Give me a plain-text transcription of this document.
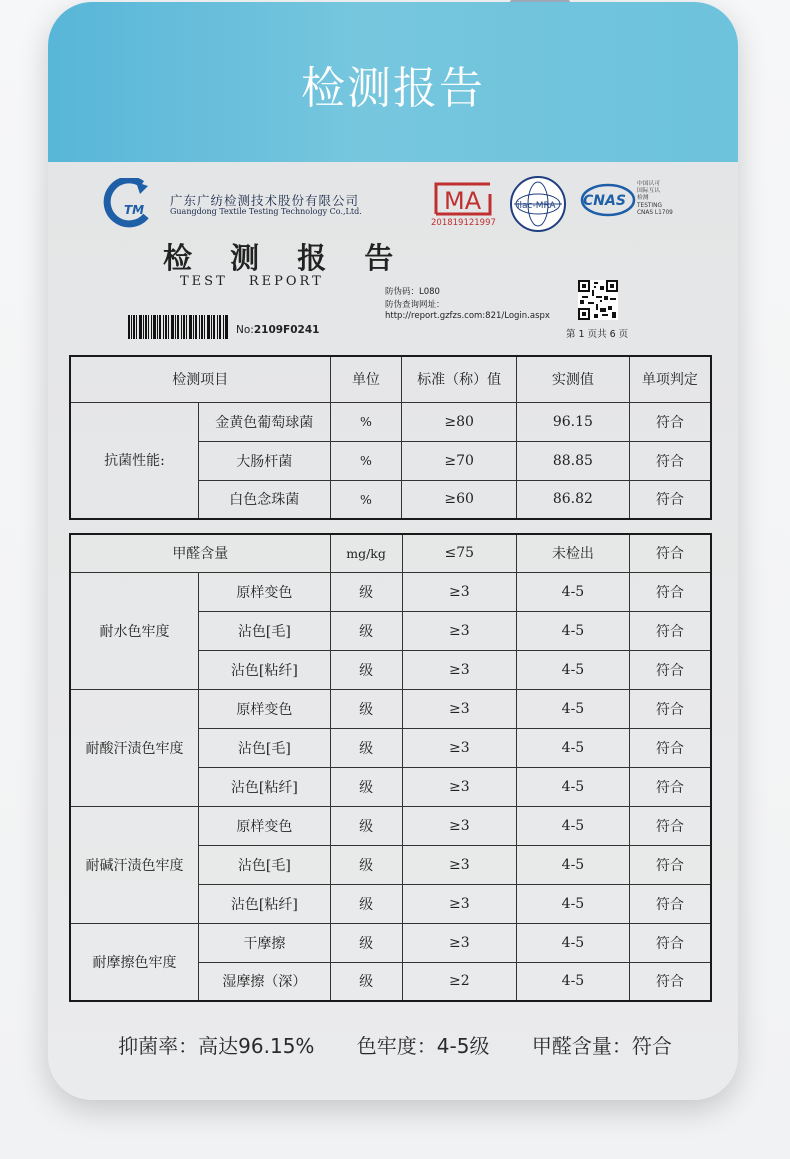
检测报告
TM
广东广纺检测技术股份有限公司
Guangdong Textile Testing Technology Co.,Ltd.
检 测 报 告
TEST REPORT
MA
2018191219​97
ilac-MRA CNAS
中国认可
国际互认
检测
TESTING
CNAS L1709
防伪码：L080
防伪查询网址：
http://report.gzfzs.com:821/Login.aspx
第 1 页共 6 页
No:2109F0241
检测项目		单位	标准（称）值	实测值	单项判定
抗菌性能:	金黄色葡萄球菌	%	≥80	96.15	符合
	大肠杆菌	%	≥70	88.85	符合
	白色念珠菌	%	≥60	86.82	符合
甲醛含量		mg/kg	≤75	未检出	符合
耐水色牢度	原样变色	级	≥3	4-5	符合
	沾色[毛]	级	≥3	4-5	符合
	沾色[粘纤]	级	≥3	4-5	符合
耐酸汗渍色牢度	原样变色	级	≥3	4-5	符合
	沾色[毛]	级	≥3	4-5	符合
	沾色[粘纤]	级	≥3	4-5	符合
耐碱汗渍色牢度	原样变色	级	≥3	4-5	符合
	沾色[毛]	级	≥3	4-5	符合
	沾色[粘纤]	级	≥3	4-5	符合
耐摩擦色牢度	干摩擦	级	≥3	4-5	符合
	湿摩擦（深）	级	≥2	4-5	符合
抑菌率：高达96.15% 色牢度：4-5级 甲醛含量：符合
